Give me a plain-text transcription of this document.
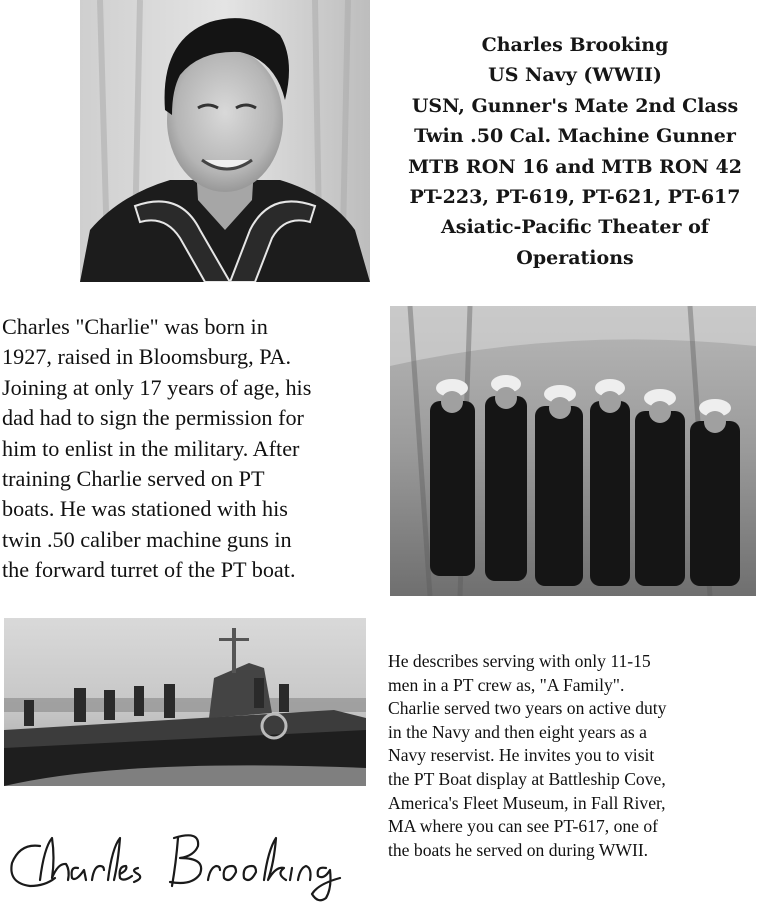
Charles Brooking
US Navy (WWII)
USN, Gunner's Mate 2nd Class
Twin .50 Cal. Machine Gunner
MTB RON 16 and MTB RON 42
PT-223, PT-619, PT-621, PT-617
Asiatic-Pacific Theater of
Operations
Charles "Charlie" was born in
1927, raised in Bloomsburg, PA.
Joining at only 17 years of age, his
dad had to sign the permission for
him to enlist in the military. After
training Charlie served on PT
boats. He was stationed with his
twin .50 caliber machine guns in
the forward turret of the PT boat.
He describes serving with only 11-15
men in a PT crew as, "A Family".
Charlie served two years on active duty
in the Navy and then eight years as a
Navy reservist. He invites you to visit
the PT Boat display at Battleship Cove,
America's Fleet Museum, in Fall River,
MA where you can see PT-617, one of
the boats he served on during WWII.
